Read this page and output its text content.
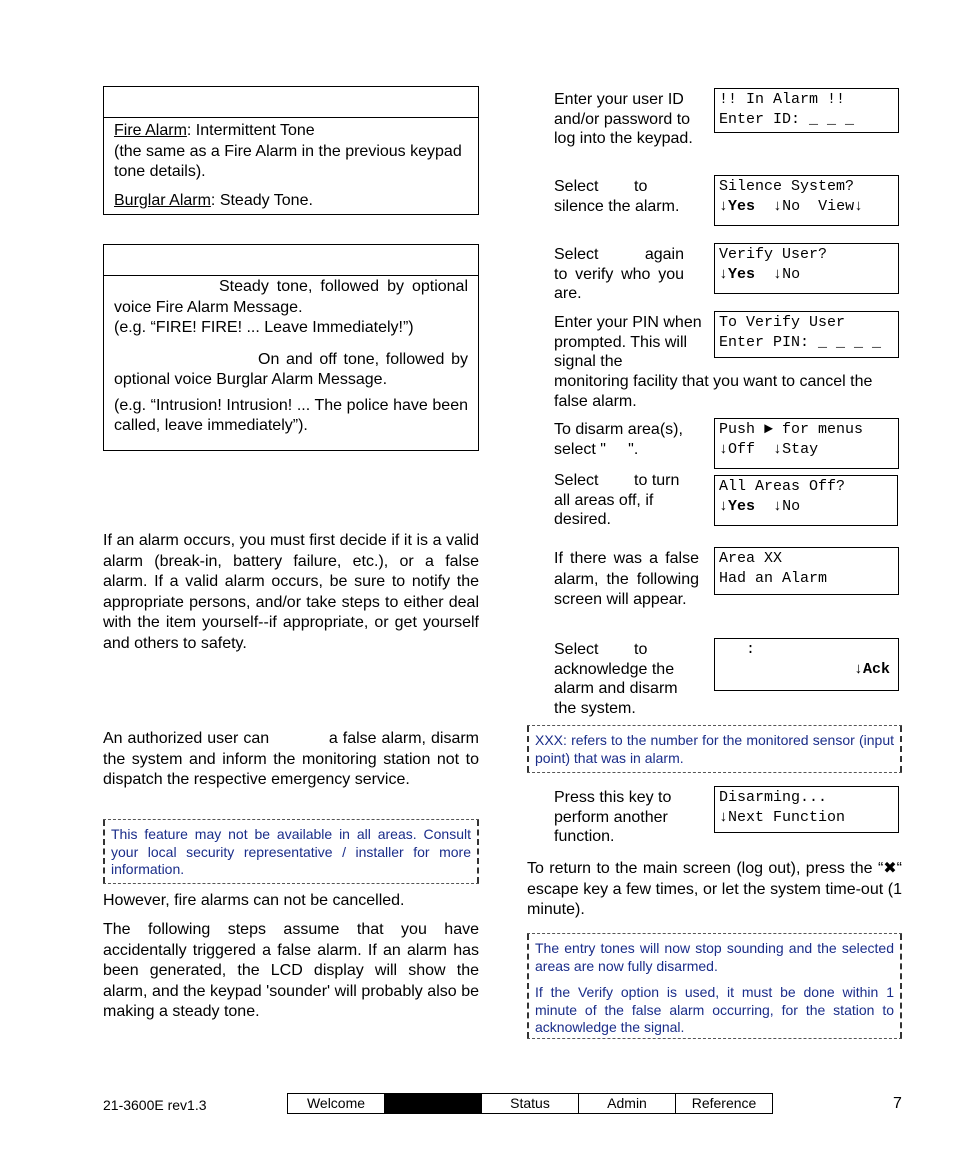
Fire Alarm: Intermittent Tone

(the same as a Fire Alarm in the previous keypad tone details).

Burglar Alarm: Steady Tone.

Steady tone, followed by optional voice Fire Alarm Message.

(e.g. “FIRE! FIRE! ... Leave Immediately!”)

On and off tone, followed by optional voice Burglar Alarm Message.

(e.g. “Intrusion! Intrusion! ... The police have been called, leave immediately”).

If an alarm occurs, you must first decide if it is a valid alarm (break-in, battery failure, etc.), or a false alarm. If a valid alarm occurs, be sure to notify the appropriate persons, and/or take steps to either deal with the item yourself--if appropriate, or get yourself and others to safety.

An authorized user can            a false alarm, disarm the system and inform the monitoring station not to dispatch the respective emergency service.

This feature may not be available in all areas. Consult your local security representative / installer for more information.

However, fire alarms can not be cancelled.

The following steps assume that you have accidentally triggered a false alarm. If an alarm has been generated, the LCD display will show the alarm, and the keypad 'sounder' will probably also be making a steady tone.

Enter your user ID and/or password to log into the keypad.
!! In Alarm !!
Enter ID: _ _ _
Select        to silence the alarm.
Silence System?
↓Yes ↓No View↓
Select        again to verify who you are.
Verify User?
↓Yes ↓No
Enter your PIN when prompted. This will signal the
monitoring facility that you want to cancel the false alarm.
To Verify User
Enter PIN: _ _ _ _
To disarm area(s), select "     ".
Push ► for menus
↓Off ↓Stay
Select        to turn all areas off, if desired.
All Areas Off?
↓Yes ↓No
If there was a false alarm, the following screen will appear.
Area XX
Had an Alarm
Select        to acknowledge the alarm and disarm the system.
:

↓Ack
XXX: refers to the number for the monitored sensor (input point) that was in alarm.
Press this key to perform another function.
Disarming...
↓Next Function

To return to the main screen (log out), press the “✖“ escape key a few times, or let the system time-out (1 minute).

The entry tones will now stop sounding and the selected areas are now fully disarmed.
If the Verify option is used, it must be done within 1 minute of the false alarm occurring, for the station to acknowledge the signal.
21-3600E rev1.3	Welcome	Status	Admin	Reference	7
